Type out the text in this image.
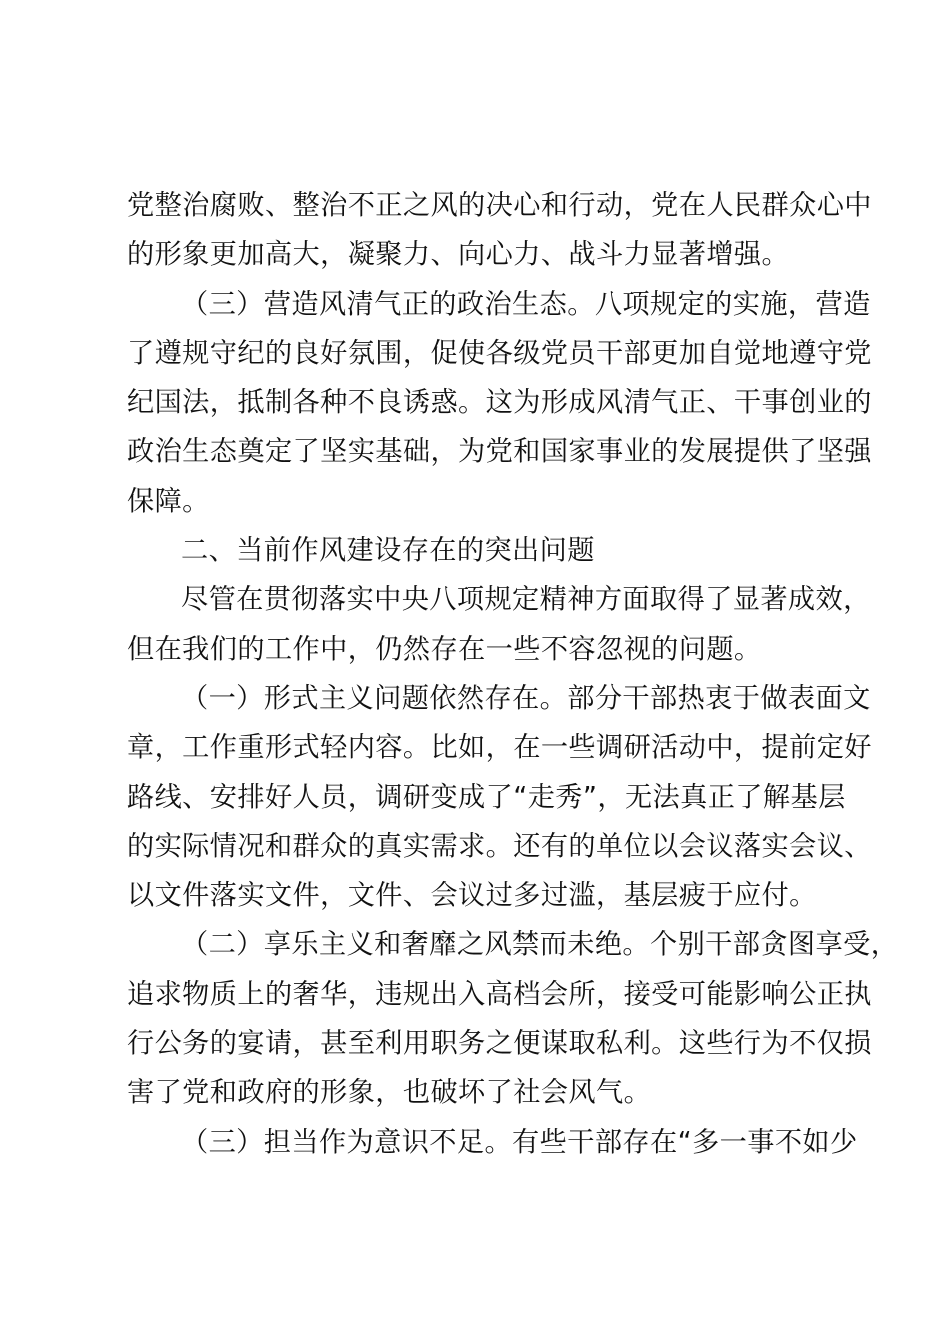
党整治腐败、整治不正之风的决心和行动，党在人民群众心中
的形象更加高大，凝聚力、向心力、战斗力显著增强。
（三）营造风清气正的政治生态。八项规定的实施，营造
了遵规守纪的良好氛围，促使各级党员干部更加自觉地遵守党
纪国法，抵制各种不良诱惑。这为形成风清气正、干事创业的
政治生态奠定了坚实基础，为党和国家事业的发展提供了坚强
保障。
二、当前作风建设存在的突出问题
尽管在贯彻落实中央八项规定精神方面取得了显著成效，
但在我们的工作中，仍然存在一些不容忽视的问题。
（一）形式主义问题依然存在。部分干部热衷于做表面文
章，工作重形式轻内容。比如，在一些调研活动中，提前定好
路线、安排好人员，调研变成了“走秀”，无法真正了解基层
的实际情况和群众的真实需求。还有的单位以会议落实会议、
以文件落实文件，文件、会议过多过滥，基层疲于应付。
（二）享乐主义和奢靡之风禁而未绝。个别干部贪图享受，
追求物质上的奢华，违规出入高档会所，接受可能影响公正执
行公务的宴请，甚至利用职务之便谋取私利。这些行为不仅损
害了党和政府的形象，也破坏了社会风气。
（三）担当作为意识不足。有些干部存在“多一事不如少
